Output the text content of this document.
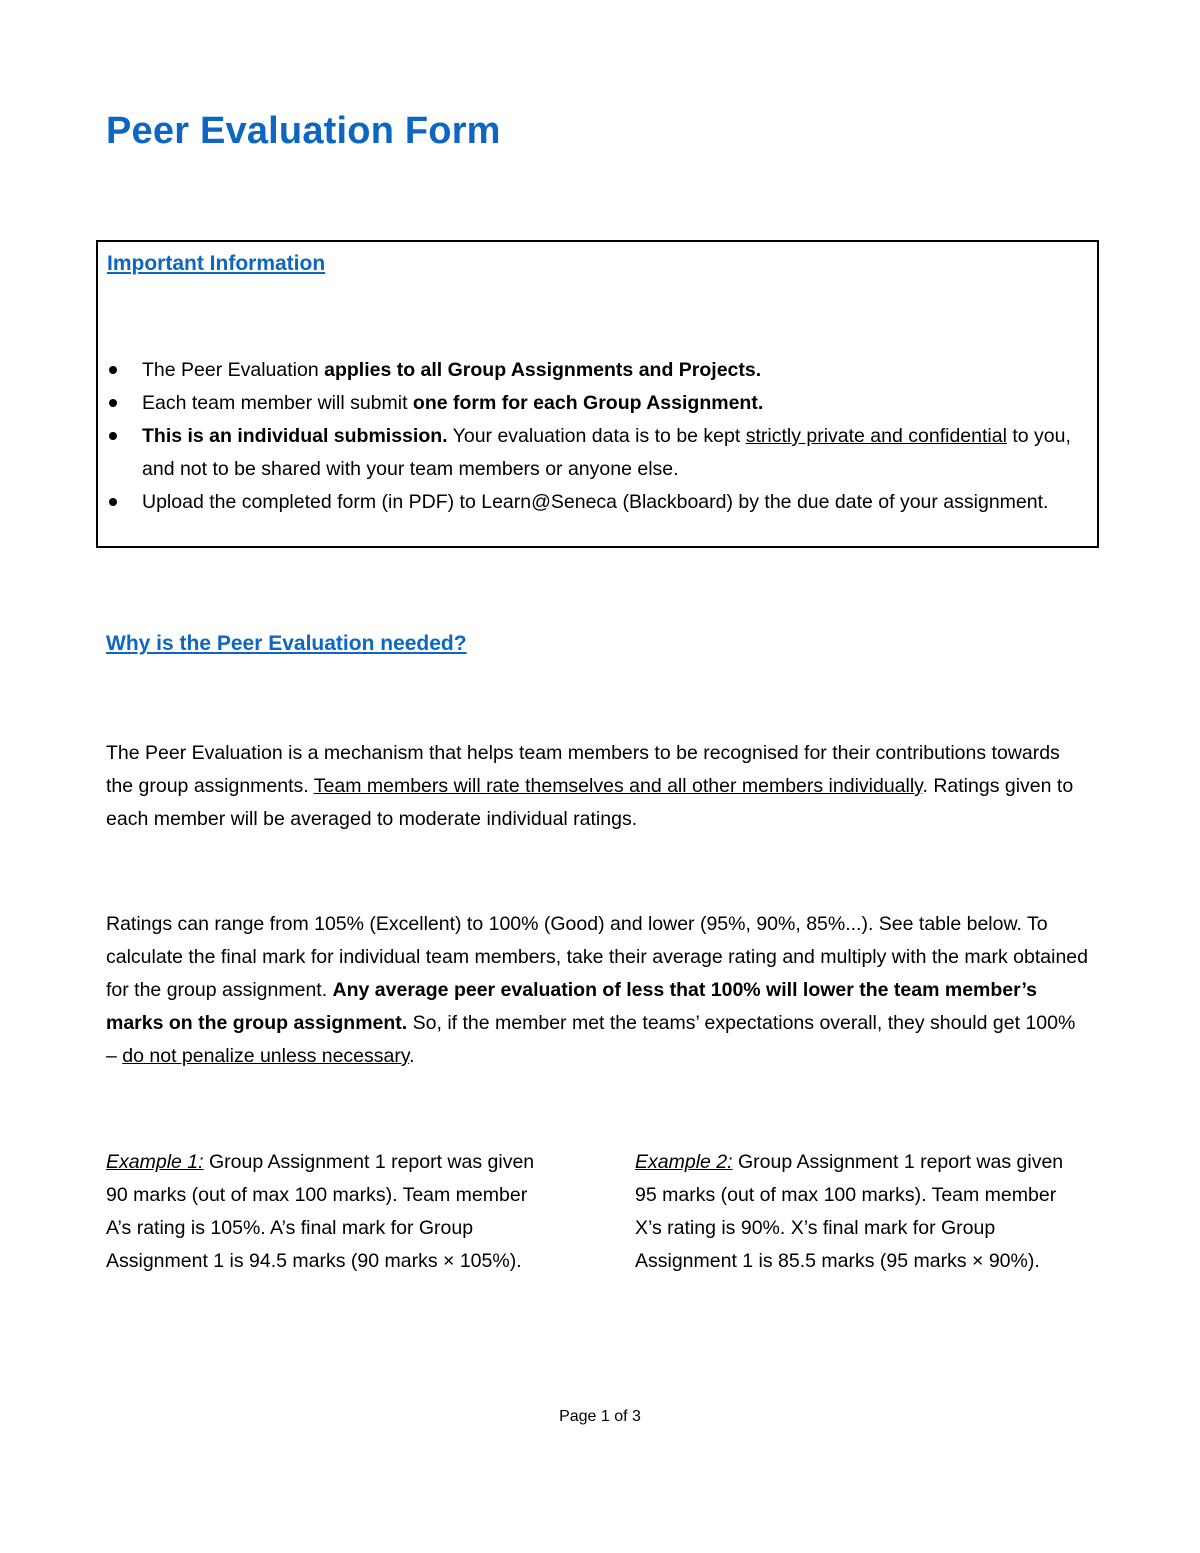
Peer Evaluation Form
Important Information
The Peer Evaluation applies to all Group Assignments and Projects.
Each team member will submit one form for each Group Assignment.
This is an individual submission. Your evaluation data is to be kept strictly private and confidential to you, and not to be shared with your team members or anyone else.
Upload the completed form (in PDF) to Learn@Seneca (Blackboard) by the due date of your assignment.
Why is the Peer Evaluation needed?

The Peer Evaluation is a mechanism that helps team members to be recognised for their contributions towards the group assignments. Team members will rate themselves and all other members individually. Ratings given to each member will be averaged to moderate individual ratings.

Ratings can range from 105% (Excellent) to 100% (Good) and lower (95%, 90%, 85%...). See table below. To calculate the final mark for individual team members, take their average rating and multiply with the mark obtained for the group assignment. Any average peer evaluation of less that 100% will lower the team member’s marks on the group assignment. So, if the member met the teams’ expectations overall, they should get 100% – do not penalize unless necessary.

Example 1: Group Assignment 1 report was given 90 marks (out of max 100 marks). Team member A’s rating is 105%. A’s final mark for Group Assignment 1 is 94.5 marks (90 marks × 105%).

Example 2: Group Assignment 1 report was given 95 marks (out of max 100 marks). Team member X’s rating is 90%. X’s final mark for Group Assignment 1 is 85.5 marks (95 marks × 90%).

Page 1 of 3
